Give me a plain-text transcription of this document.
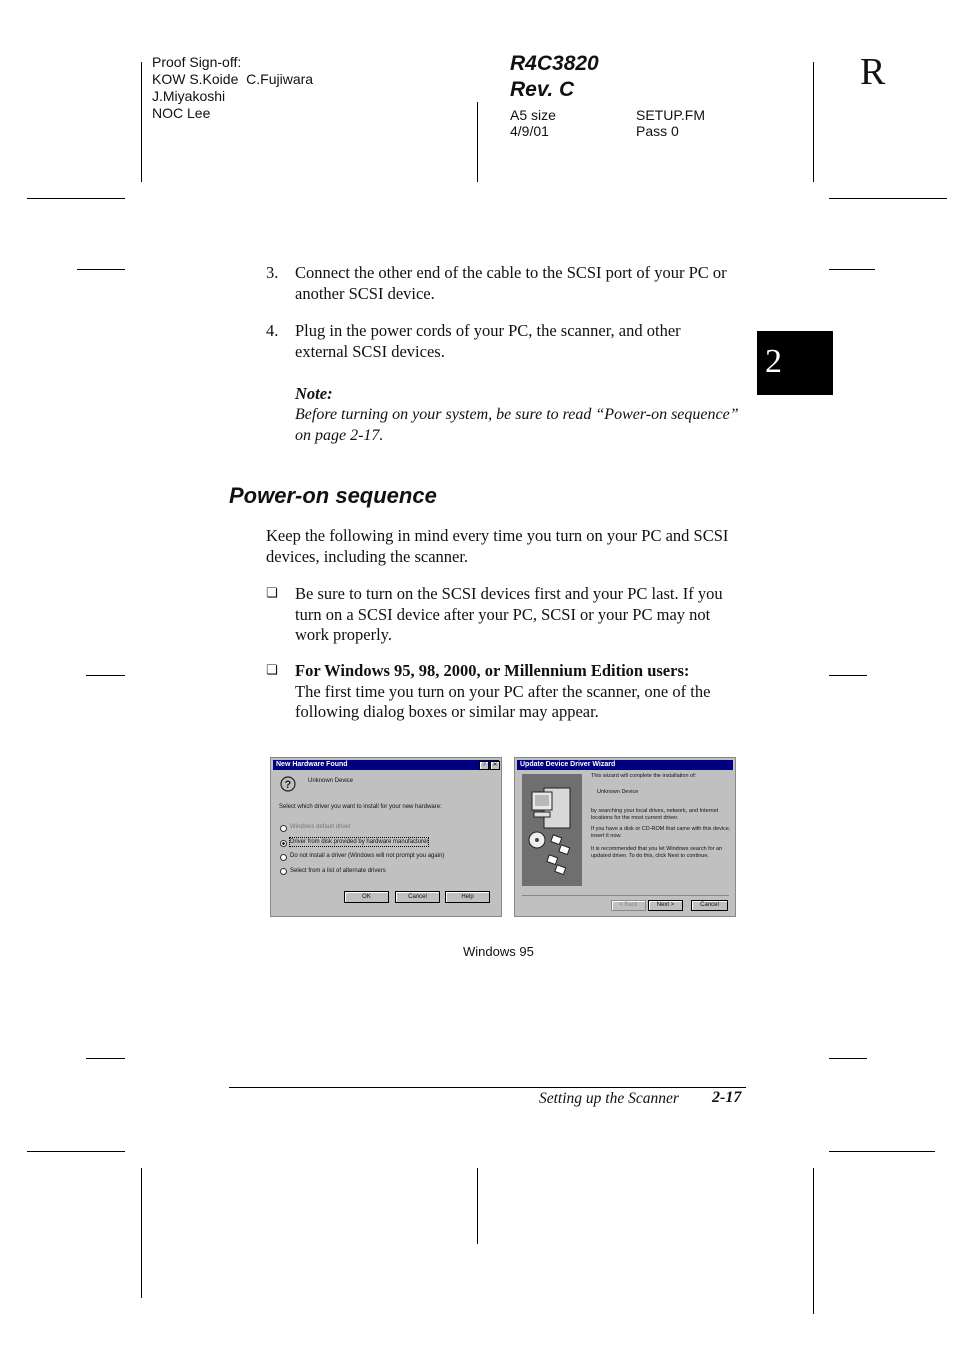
Proof Sign-off:
KOW S.Koide  C.Fujiwara
J.Miyakoshi
NOC Lee
R4C3820
Rev. C
A5 size
4/9/01
SETUP.FM
Pass 0
R
2
3. Connect the other end of the cable to the SCSI port of your PC or another SCSI device.
4. Plug in the power cords of your PC, the scanner, and other external SCSI devices.
Note:
Before turning on your system, be sure to read “Power-on sequence” on page 2-17.
Power-on sequence
Keep the following in mind every time you turn on your PC and SCSI devices, including the scanner.
❏ Be sure to turn on the SCSI devices first and your PC last. If you turn on a SCSI device after your PC, SCSI or your PC may not work properly.
❏ For Windows 95, 98, 2000, or Millennium Edition users:
The first time you turn on your PC after the scanner, one of the following dialog boxes or similar may appear.
New Hardware Found	?	✕
?	Unknown Device
Select which driver you want to install for your new hardware:
Windows default driver
Driver from disk provided by hardware manufacturer
Do not install a driver (Windows will not prompt you again)
Select from a list of alternate drivers
OK	Cancel	Help
Update Device Driver Wizard
This wizard will complete the installation of:
Unknown Device
by searching your local drives, network, and Internet locations for the most current driver.
If you have a disk or CD-ROM that came with this device, insert it now.
It is recommended that you let Windows search for an updated driver. To do this, click Next to continue.
< Back	Next >	Cancel
Windows 95
Setting up the Scanner 2-17
